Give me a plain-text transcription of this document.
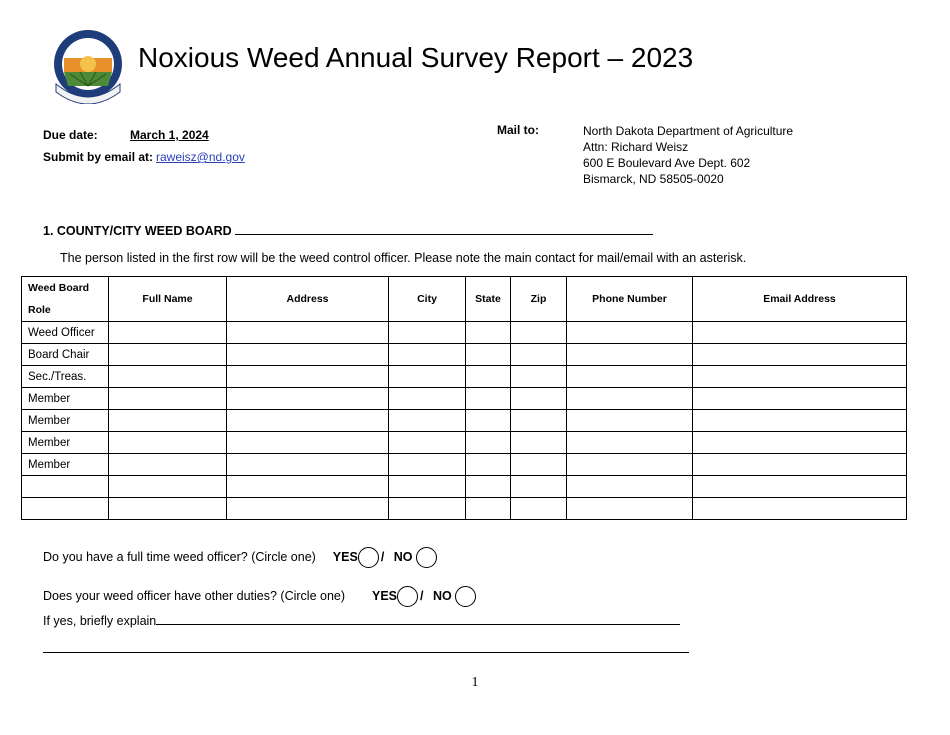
Noxious Weed Annual Survey Report – 2023
Due date:	March 1, 2024
Submit by email at: raweisz@nd.gov
Mail to:	North Dakota Department of Agriculture
Attn: Richard Weisz
600 E Boulevard Ave Dept. 602
Bismarck, ND 58505-0020
1. COUNTY/CITY WEED BOARD
The person listed in the first row will be the weed control officer. Please note the main contact for mail/email with an asterisk.
Weed Board Role	Full Name	Address	City	State	Zip	Phone Number	Email Address
Weed Officer							
Board Chair							
Sec./Treas.							
Member							
Member							
Member							
Member							

Do you have a full time weed officer? (Circle one) YES / NO
Does your weed officer have other duties? (Circle one) YES / NO
If yes, briefly explain
1
